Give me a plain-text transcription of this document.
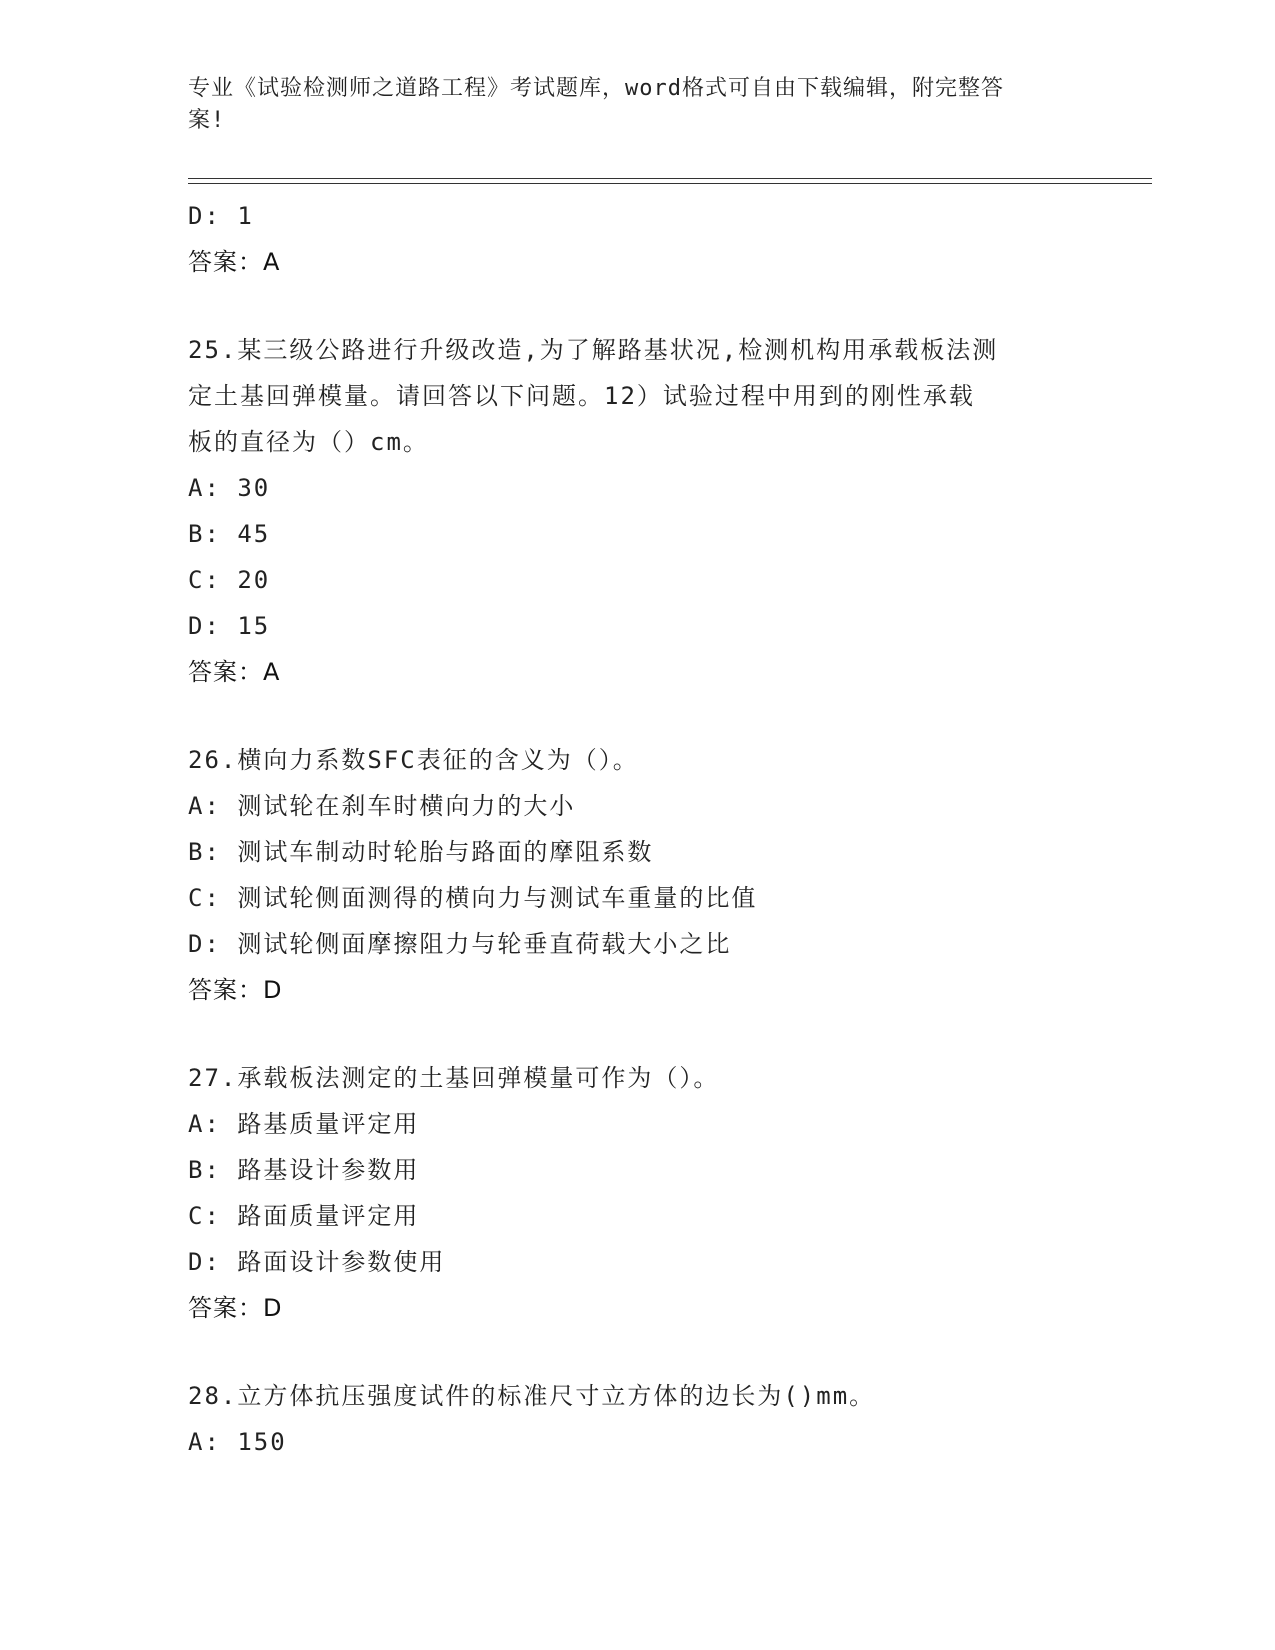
专业《试验检测师之道路工程》考试题库，word格式可自由下载编辑，附完整答
案!
D: 1
答案：A
25.某三级公路进行升级改造,为了解路基状况,检测机构用承载板法测
定土基回弹模量。请回答以下问题。12）试验过程中用到的刚性承载
板的直径为（）cm。
A: 30
B: 45
C: 20
D: 15
答案：A
26.横向力系数SFC表征的含义为（）。
A: 测试轮在刹车时横向力的大小
B: 测试车制动时轮胎与路面的摩阻系数
C: 测试轮侧面测得的横向力与测试车重量的比值
D: 测试轮侧面摩擦阻力与轮垂直荷载大小之比
答案：D
27.承载板法测定的土基回弹模量可作为（）。
A: 路基质量评定用
B: 路基设计参数用
C: 路面质量评定用
D: 路面设计参数使用
答案：D
28.立方体抗压强度试件的标准尺寸立方体的边长为()mm。
A: 150
